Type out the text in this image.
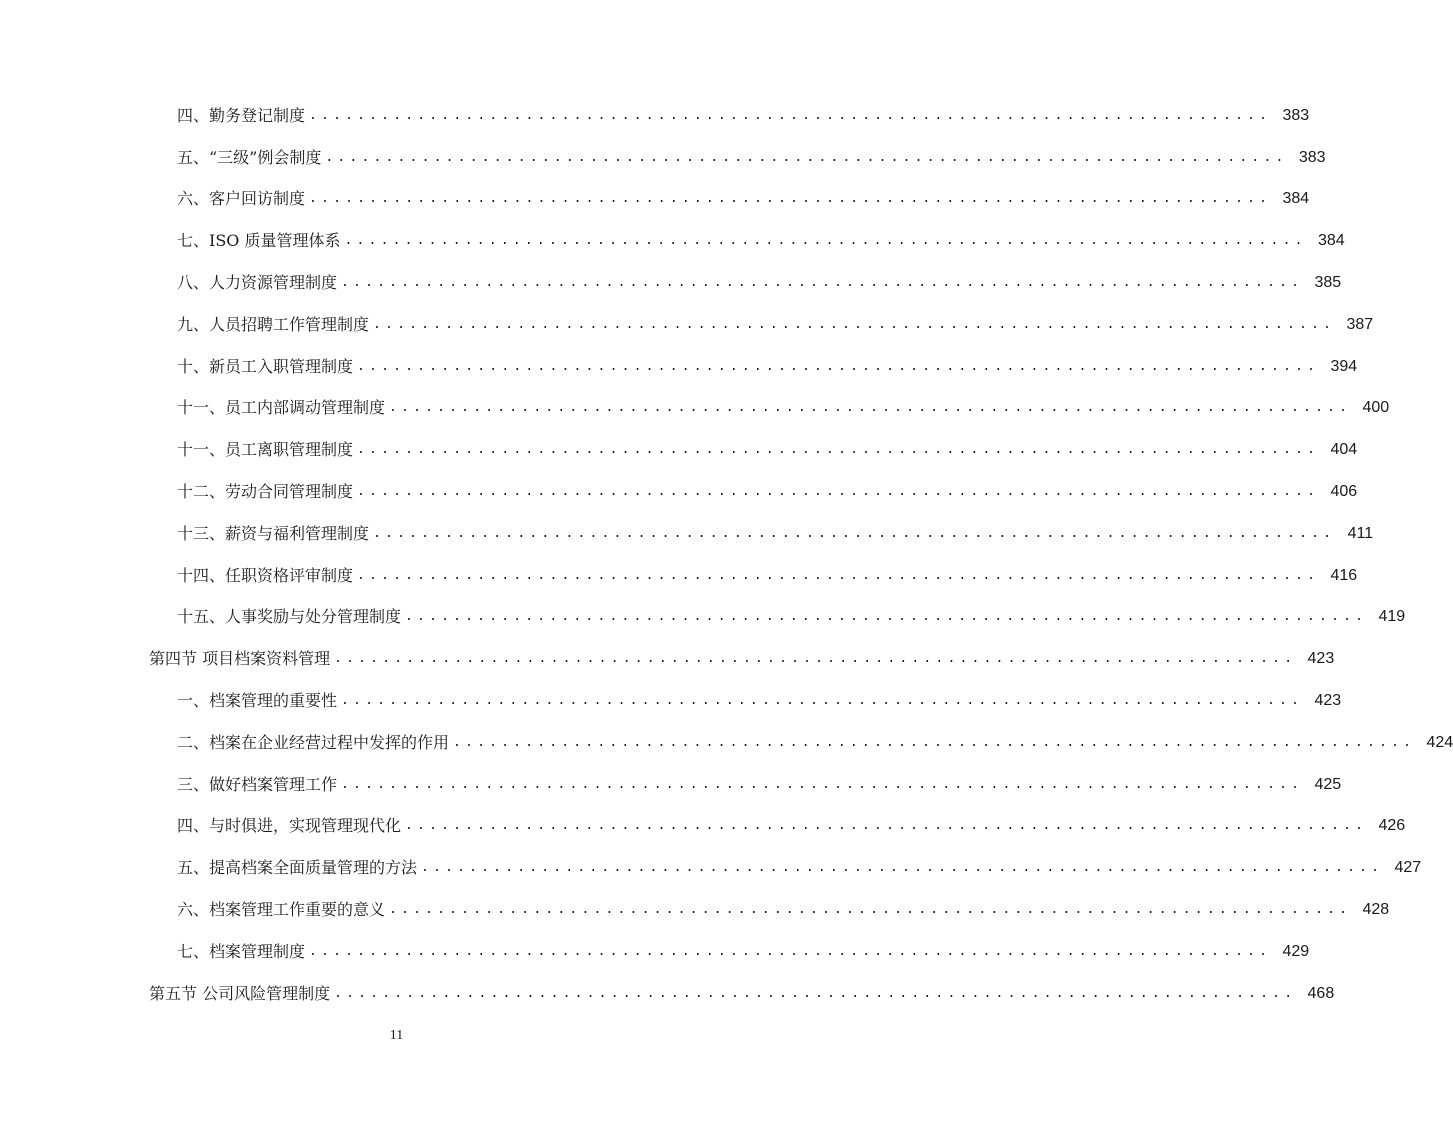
四、勤务登记制度 ................................................................................ 383
五、“三级”例会制度 ................................................................................ 383
六、客户回访制度 ................................................................................ 384
七、ISO 质量管理体系 ................................................................................ 384
八、人力资源管理制度 ................................................................................ 385
九、人员招聘工作管理制度 ................................................................................ 387
十、新员工入职管理制度 ................................................................................ 394
十一、员工内部调动管理制度 ................................................................................ 400
十一、员工离职管理制度 ................................................................................ 404
十二、劳动合同管理制度 ................................................................................ 406
十三、薪资与福利管理制度 ................................................................................ 411
十四、任职资格评审制度 ................................................................................ 416
十五、人事奖励与处分管理制度 ................................................................................ 419
第四节 项目档案资料管理 ................................................................................ 423
一、档案管理的重要性 ................................................................................ 423
二、档案在企业经营过程中发挥的作用 ................................................................................ 424
三、做好档案管理工作 ................................................................................ 425
四、与时俱进，实现管理现代化 ................................................................................ 426
五、提高档案全面质量管理的方法 ................................................................................ 427
六、档案管理工作重要的意义 ................................................................................ 428
七、档案管理制度 ................................................................................ 429
第五节 公司风险管理制度 ................................................................................ 468
11
